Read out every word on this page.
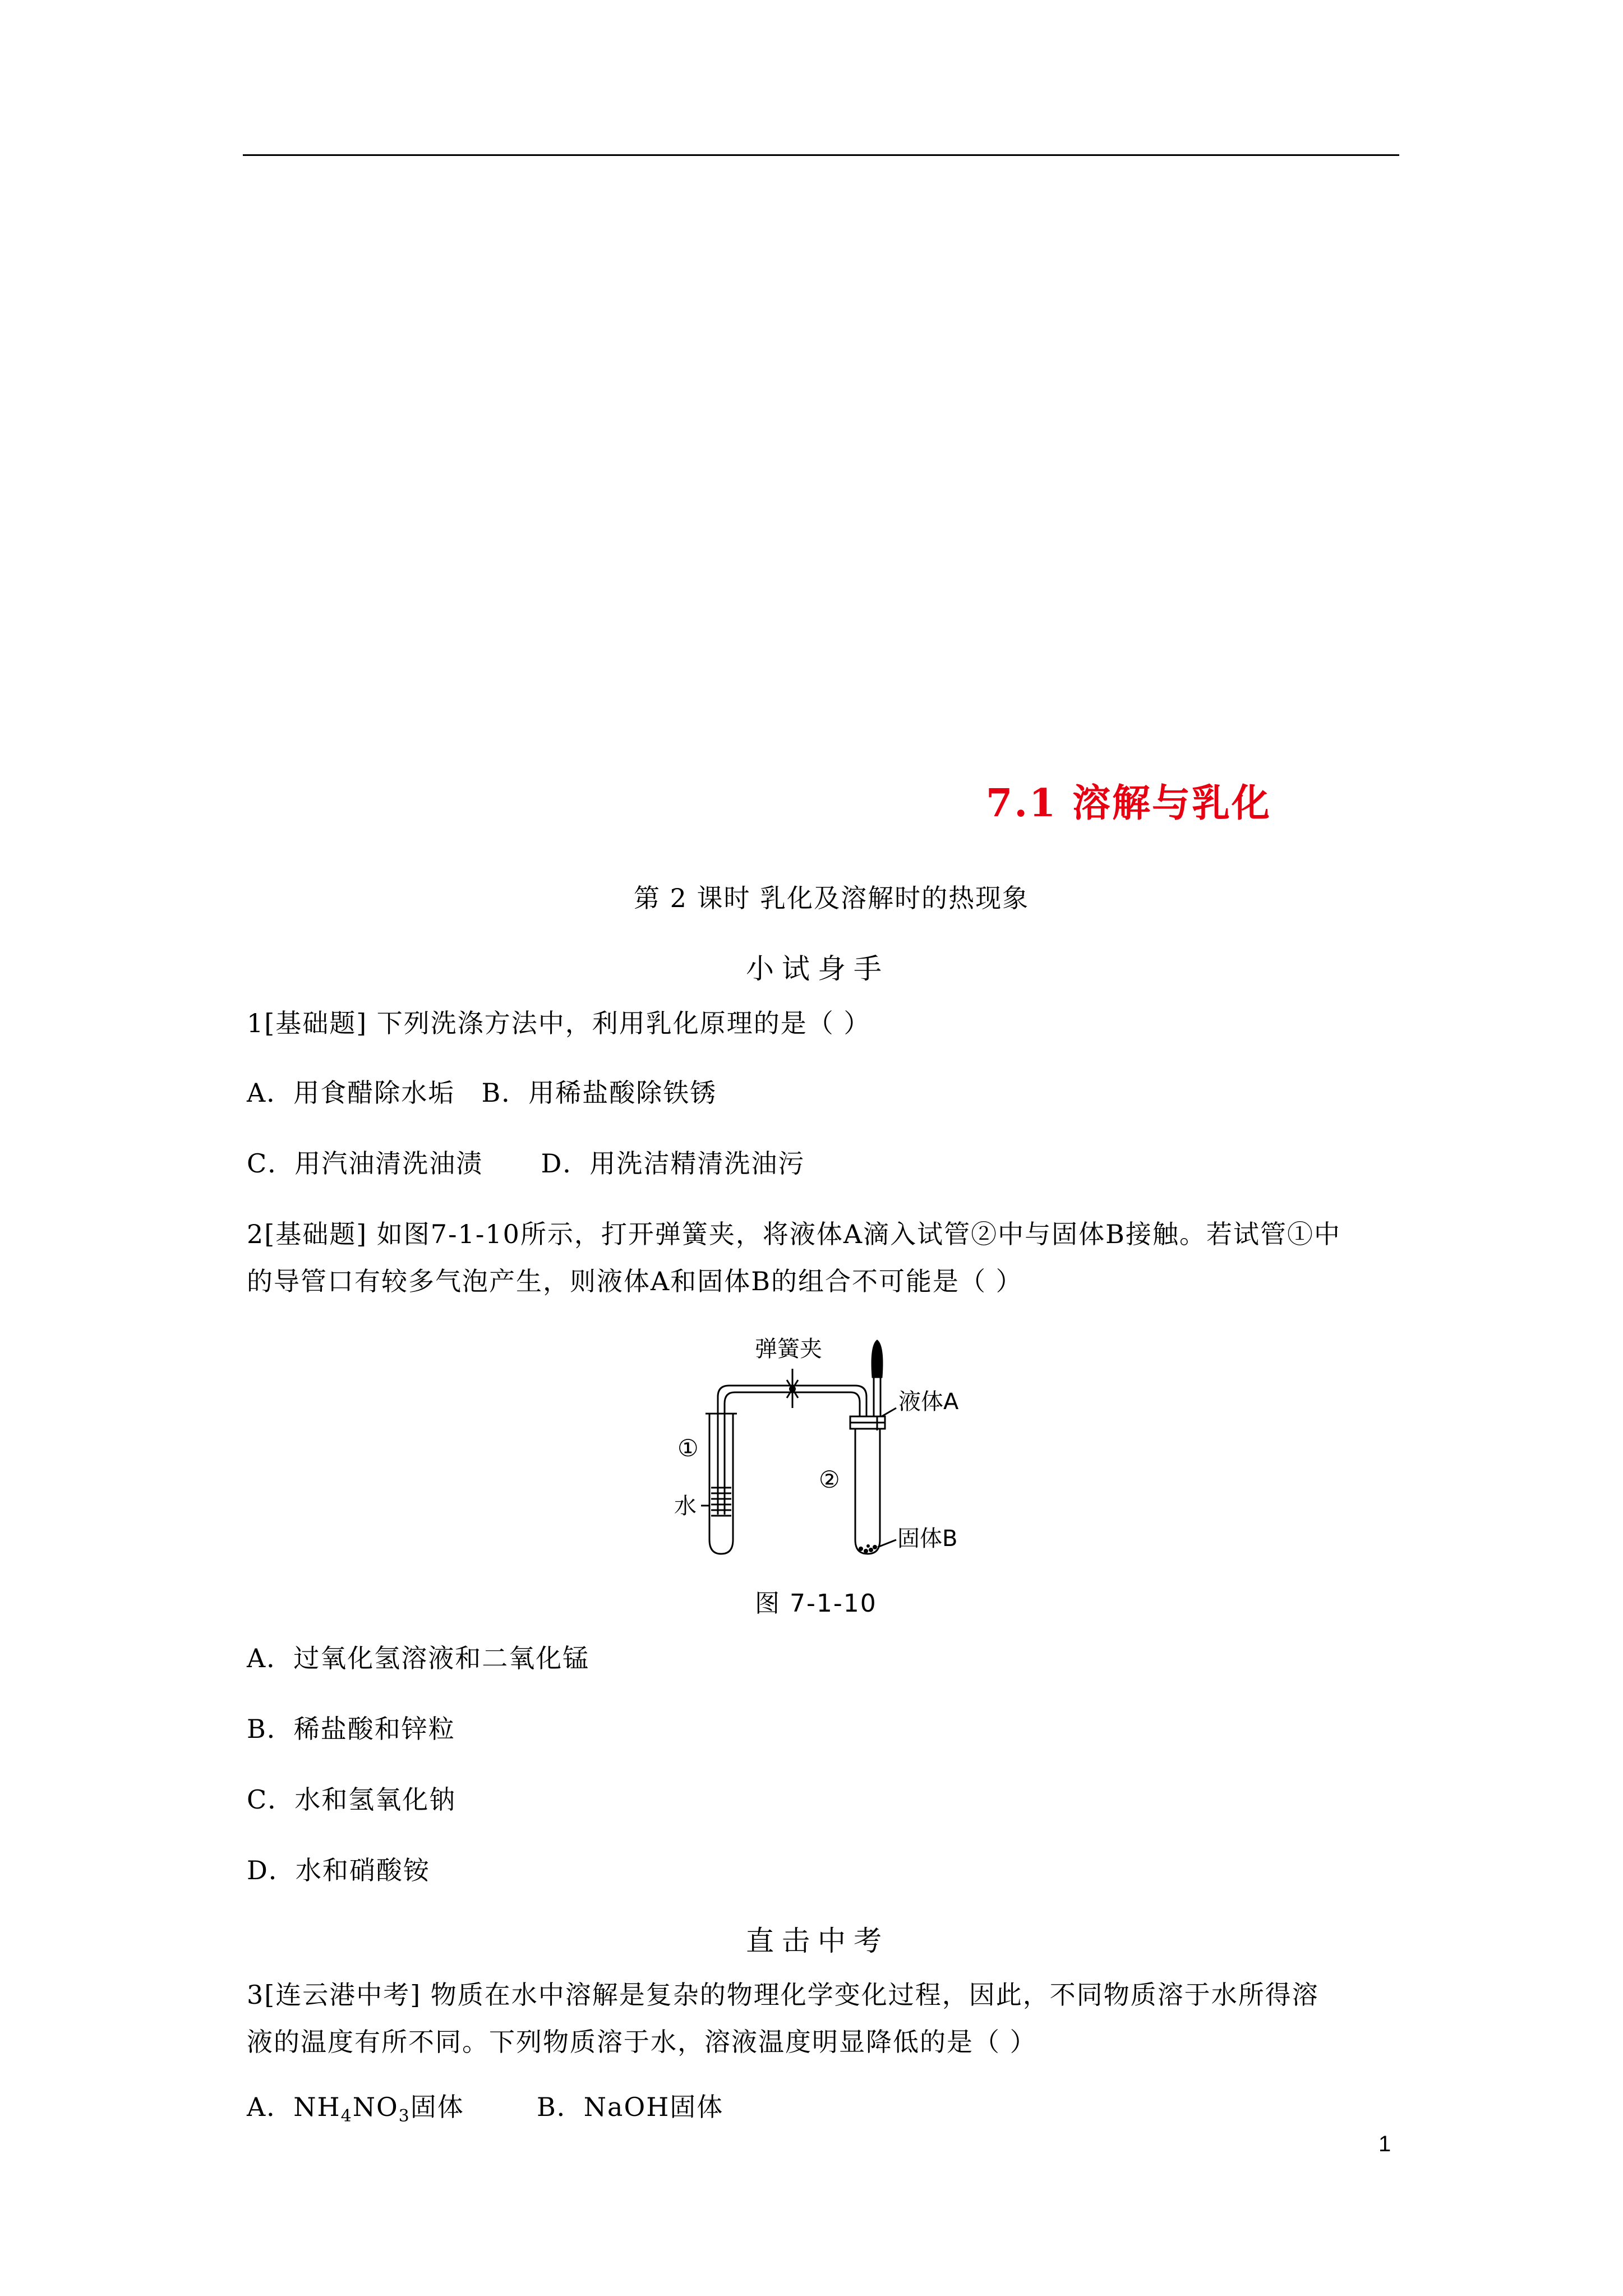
7.1 溶解与乳化
第 2 课时 乳化及溶解时的热现象
小试身手
1[基础题] 下列洗涤方法中，利用乳化原理的是（ ）
A．用食醋除水垢 B．用稀盐酸除铁锈
C．用汽油清洗油渍 D．用洗洁精清洗油污
2[基础题] 如图7-1-10所示，打开弹簧夹，将液体A滴入试管②中与固体B接触。若试管①中
的导管口有较多气泡产生，则液体A和固体B的组合不可能是（ ）
弹簧夹
液体A
①
②
水
固体B
图 7-1-10
A．过氧化氢溶液和二氧化锰
B．稀盐酸和锌粒
C．水和氢氧化钠
D．水和硝酸铵
直击中考
3[连云港中考] 物质在水中溶解是复杂的物理化学变化过程，因此，不同物质溶于水所得溶
液的温度有所不同。下列物质溶于水，溶液温度明显降低的是（ ）
A．$NH_4NO_3$固体	B．NaOH固体
1
